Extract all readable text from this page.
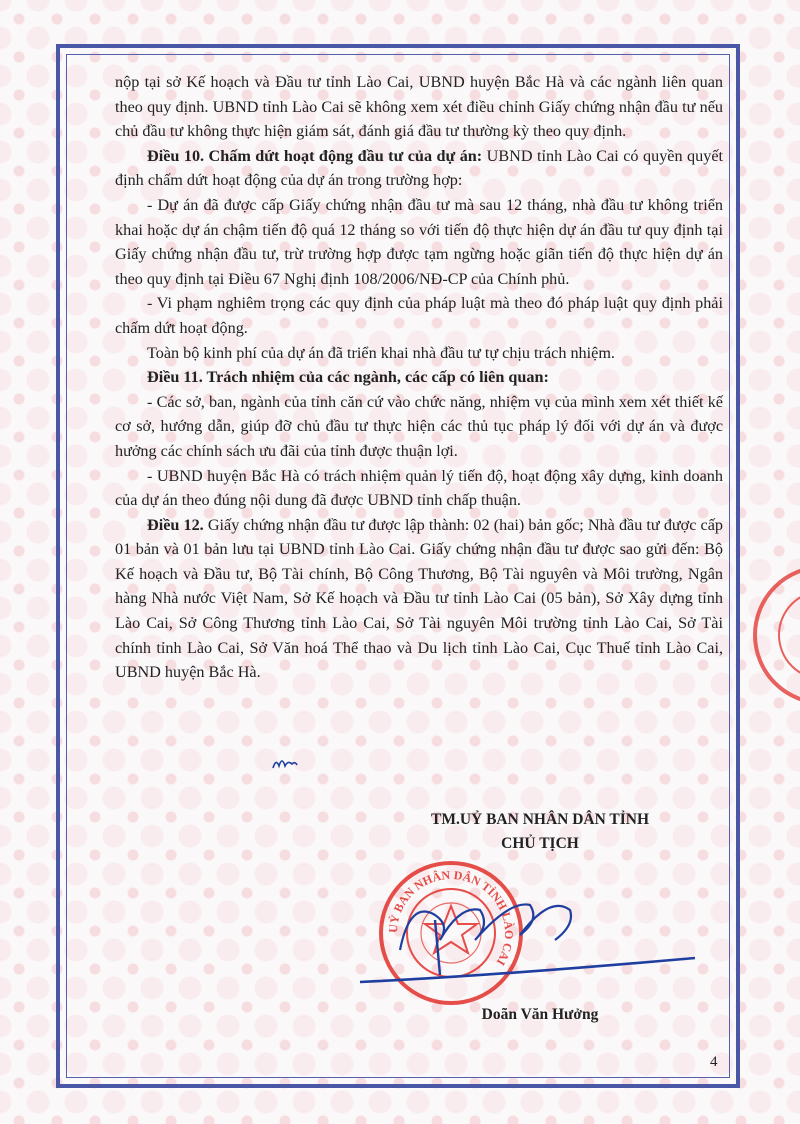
nộp tại sở Kế hoạch và Đầu tư tỉnh Lào Cai, UBND huyện Bắc Hà và các ngành liên quan theo quy định. UBND tỉnh Lào Cai sẽ không xem xét điều chỉnh Giấy chứng nhận đầu tư nếu chủ đầu tư không thực hiện giám sát, đánh giá đầu tư thường kỳ theo quy định.

Điều 10. Chấm dứt hoạt động đầu tư của dự án: UBND tỉnh Lào Cai có quyền quyết định chấm dứt hoạt động của dự án trong trường hợp:

- Dự án đã được cấp Giấy chứng nhận đầu tư mà sau 12 tháng, nhà đầu tư không triển khai hoặc dự án chậm tiến độ quá 12 tháng so với tiến độ thực hiện dự án đầu tư quy định tại Giấy chứng nhận đầu tư, trừ trường hợp được tạm ngừng hoặc giãn tiến độ thực hiện dự án theo quy định tại Điều 67 Nghị định 108/2006/NĐ-CP của Chính phủ.

- Vi phạm nghiêm trọng các quy định của pháp luật mà theo đó pháp luật quy định phải chấm dứt hoạt động.

Toàn bộ kinh phí của dự án đã triển khai nhà đầu tư tự chịu trách nhiệm.

Điều 11. Trách nhiệm của các ngành, các cấp có liên quan:

- Các sở, ban, ngành của tỉnh căn cứ vào chức năng, nhiệm vụ của mình xem xét thiết kế cơ sở, hướng dẫn, giúp đỡ chủ đầu tư thực hiện các thủ tục pháp lý đối với dự án và được hưởng các chính sách ưu đãi của tỉnh được thuận lợi.

- UBND huyện Bắc Hà có trách nhiệm quản lý tiến độ, hoạt động xây dựng, kinh doanh của dự án theo đúng nội dung đã được UBND tỉnh chấp thuận.

Điều 12. Giấy chứng nhận đầu tư được lập thành: 02 (hai) bản gốc; Nhà đầu tư được cấp 01 bản và 01 bản lưu tại UBND tỉnh Lào Cai. Giấy chứng nhận đầu tư được sao gửi đến: Bộ Kế hoạch và Đầu tư, Bộ Tài chính, Bộ Công Thương, Bộ Tài nguyên và Môi trường, Ngân hàng Nhà nước Việt Nam, Sở Kế hoạch và Đầu tư tỉnh Lào Cai (05 bản), Sở Xây dựng tỉnh Lào Cai, Sở Công Thương tỉnh Lào Cai, Sở Tài nguyên Môi trường tỉnh Lào Cai, Sở Tài chính tỉnh Lào Cai, Sở Văn hoá Thể thao và Du lịch tỉnh Lào Cai, Cục Thuế tỉnh Lào Cai, UBND huyện Bắc Hà.

TM.UỶ BAN NHÂN DÂN TỈNH
CHỦ TỊCH
UỶ BAN NHÂN DÂN TỈNH LÀO CAI
Doãn Văn Hưởng
4
